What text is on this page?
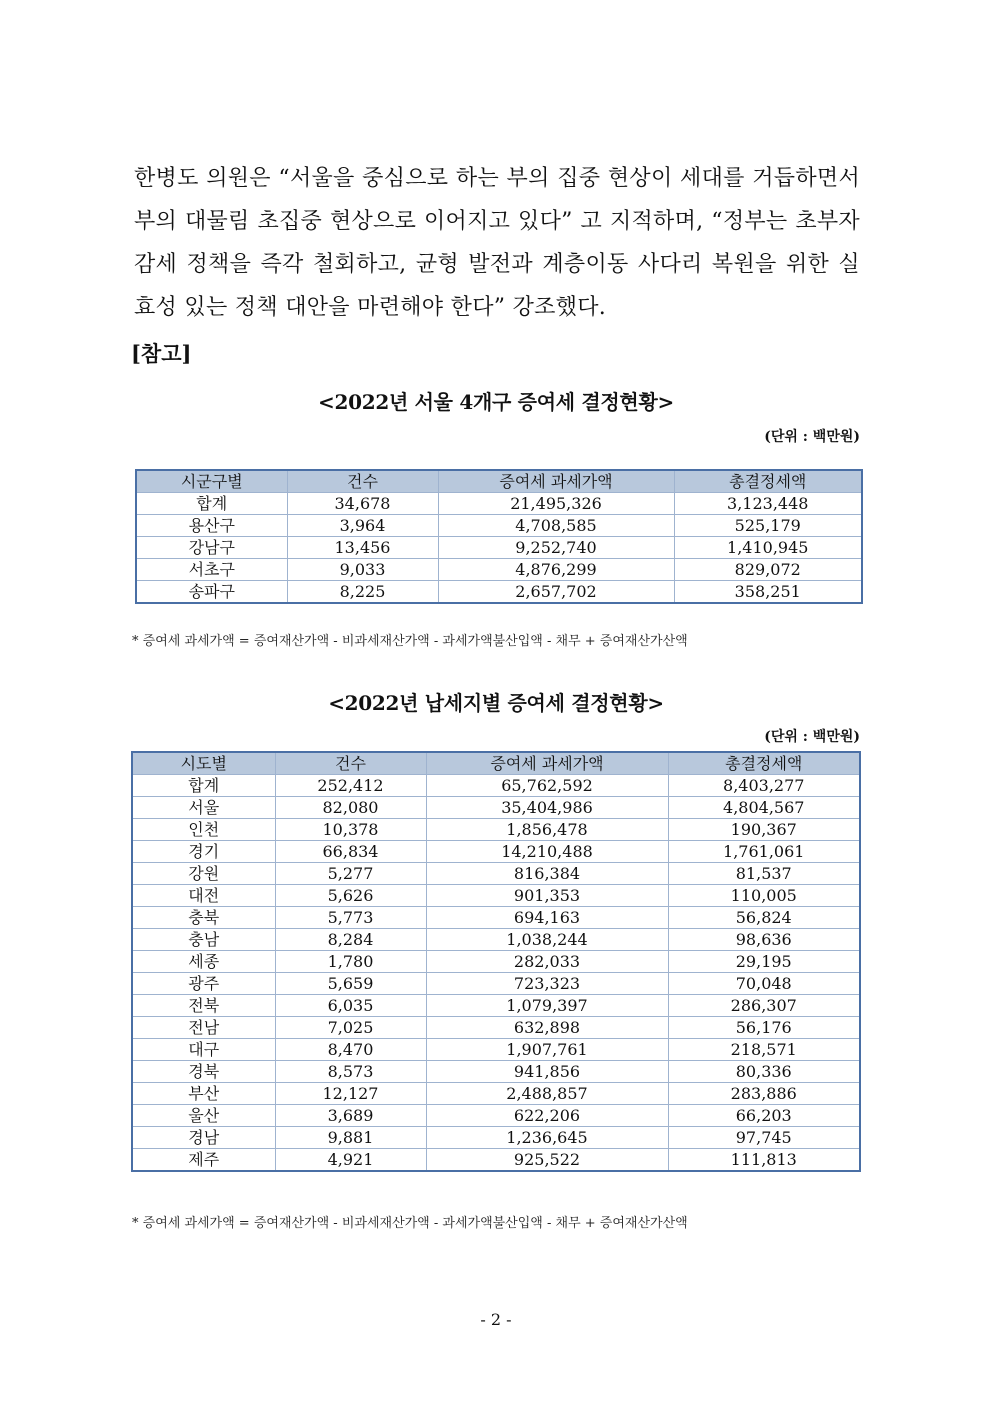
한병도 의원은 “서울을 중심으로 하는 부의 집중 현상이 세대를 거듭하면서 부의 대물림 초집중 현상으로 이어지고 있다” 고 지적하며, “정부는 초부자감세 정책을 즉각 철회하고, 균형 발전과 계층이동 사다리 복원을 위한 실효성 있는 정책 대안을 마련해야 한다” 강조했다.

[참고]

<2022년 서울 4개구 증여세 결정현황>

(단위 : 백만원)

시군구별	건수	증여세 과세가액	총결정세액
합계	34,678	21,495,326	3,123,448
용산구	3,964	4,708,585	525,179
강남구	13,456	9,252,740	1,410,945
서초구	9,033	4,876,299	829,072
송파구	8,225	2,657,702	358,251

* 증여세 과세가액 = 증여재산가액 - 비과세재산가액 - 과세가액불산입액 - 채무 + 증여재산가산액

<2022년 납세지별 증여세 결정현황>

(단위 : 백만원)

시도별	건수	증여세 과세가액	총결정세액
합계	252,412	65,762,592	8,403,277
서울	82,080	35,404,986	4,804,567
인천	10,378	1,856,478	190,367
경기	66,834	14,210,488	1,761,061
강원	5,277	816,384	81,537
대전	5,626	901,353	110,005
충북	5,773	694,163	56,824
충남	8,284	1,038,244	98,636
세종	1,780	282,033	29,195
광주	5,659	723,323	70,048
전북	6,035	1,079,397	286,307
전남	7,025	632,898	56,176
대구	8,470	1,907,761	218,571
경북	8,573	941,856	80,336
부산	12,127	2,488,857	283,886
울산	3,689	622,206	66,203
경남	9,881	1,236,645	97,745
제주	4,921	925,522	111,813

* 증여세 과세가액 = 증여재산가액 - 비과세재산가액 - 과세가액불산입액 - 채무 + 증여재산가산액

- 2 -
